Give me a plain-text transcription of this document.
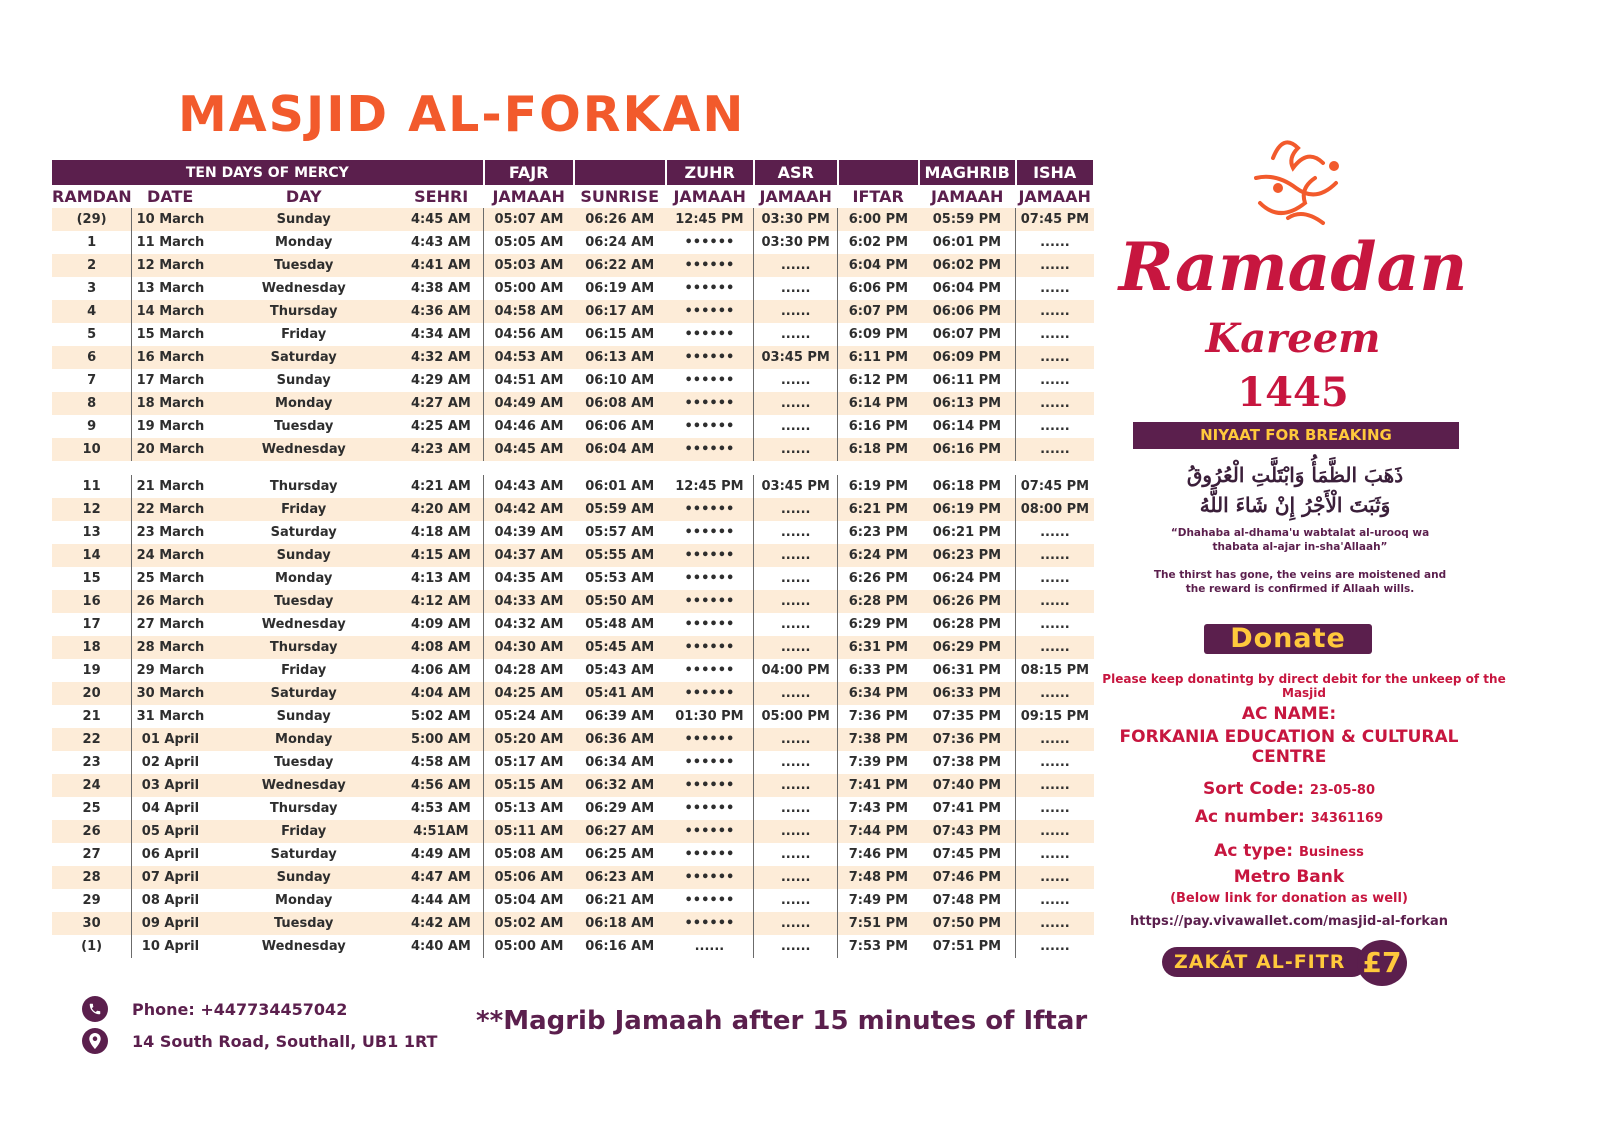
MASJID AL-FORKAN
TEN DAYS OF MERCY				FAJR		ZUHR	ASR		MAGHRIB	ISHA
RAMDAN	DATE	DAY	SEHRI	JAMAAH	SUNRISE	JAMAAH	JAMAAH	IFTAR	JAMAAH	JAMAAH
(29)	10 March	Sunday	4:45 AM	05:07 AM	06:26 AM	12:45 PM	03:30 PM	6:00 PM	05:59 PM	07:45 PM
1	11 March	Monday	4:43 AM	05:05 AM	06:24 AM	••••••	03:30 PM	6:02 PM	06:01 PM	......
2	12 March	Tuesday	4:41 AM	05:03 AM	06:22 AM	••••••	......	6:04 PM	06:02 PM	......
3	13 March	Wednesday	4:38 AM	05:00 AM	06:19 AM	••••••	......	6:06 PM	06:04 PM	......
4	14 March	Thursday	4:36 AM	04:58 AM	06:17 AM	••••••	......	6:07 PM	06:06 PM	......
5	15 March	Friday	4:34 AM	04:56 AM	06:15 AM	••••••	......	6:09 PM	06:07 PM	......
6	16 March	Saturday	4:32 AM	04:53 AM	06:13 AM	••••••	03:45 PM	6:11 PM	06:09 PM	......
7	17 March	Sunday	4:29 AM	04:51 AM	06:10 AM	••••••	......	6:12 PM	06:11 PM	......
8	18 March	Monday	4:27 AM	04:49 AM	06:08 AM	••••••	......	6:14 PM	06:13 PM	......
9	19 March	Tuesday	4:25 AM	04:46 AM	06:06 AM	••••••	......	6:16 PM	06:14 PM	......
10	20 March	Wednesday	4:23 AM	04:45 AM	06:04 AM	••••••	......	6:18 PM	06:16 PM	......

11	21 March	Thursday	4:21 AM	04:43 AM	06:01 AM	12:45 PM	03:45 PM	6:19 PM	06:18 PM	07:45 PM
12	22 March	Friday	4:20 AM	04:42 AM	05:59 AM	••••••	......	6:21 PM	06:19 PM	08:00 PM
13	23 March	Saturday	4:18 AM	04:39 AM	05:57 AM	••••••	......	6:23 PM	06:21 PM	......
14	24 March	Sunday	4:15 AM	04:37 AM	05:55 AM	••••••	......	6:24 PM	06:23 PM	......
15	25 March	Monday	4:13 AM	04:35 AM	05:53 AM	••••••	......	6:26 PM	06:24 PM	......
16	26 March	Tuesday	4:12 AM	04:33 AM	05:50 AM	••••••	......	6:28 PM	06:26 PM	......
17	27 March	Wednesday	4:09 AM	04:32 AM	05:48 AM	••••••	......	6:29 PM	06:28 PM	......
18	28 March	Thursday	4:08 AM	04:30 AM	05:45 AM	••••••	......	6:31 PM	06:29 PM	......
19	29 March	Friday	4:06 AM	04:28 AM	05:43 AM	••••••	04:00 PM	6:33 PM	06:31 PM	08:15 PM
20	30 March	Saturday	4:04 AM	04:25 AM	05:41 AM	••••••	......	6:34 PM	06:33 PM	......
21	31 March	Sunday	5:02 AM	05:24 AM	06:39 AM	01:30 PM	05:00 PM	7:36 PM	07:35 PM	09:15 PM
22	01 April	Monday	5:00 AM	05:20 AM	06:36 AM	••••••	......	7:38 PM	07:36 PM	......
23	02 April	Tuesday	4:58 AM	05:17 AM	06:34 AM	••••••	......	7:39 PM	07:38 PM	......
24	03 April	Wednesday	4:56 AM	05:15 AM	06:32 AM	••••••	......	7:41 PM	07:40 PM	......
25	04 April	Thursday	4:53 AM	05:13 AM	06:29 AM	••••••	......	7:43 PM	07:41 PM	......
26	05 April	Friday	4:51AM	05:11 AM	06:27 AM	••••••	......	7:44 PM	07:43 PM	......
27	06 April	Saturday	4:49 AM	05:08 AM	06:25 AM	••••••	......	7:46 PM	07:45 PM	......
28	07 April	Sunday	4:47 AM	05:06 AM	06:23 AM	••••••	......	7:48 PM	07:46 PM	......
29	08 April	Monday	4:44 AM	05:04 AM	06:21 AM	••••••	......	7:49 PM	07:48 PM	......
30	09 April	Tuesday	4:42 AM	05:02 AM	06:18 AM	••••••	......	7:51 PM	07:50 PM	......
(1)	10 April	Wednesday	4:40 AM	05:00 AM	06:16 AM	......	......	7:53 PM	07:51 PM	......
Ramadan
Kareem
1445
NIYAAT FOR BREAKING
ذَهَبَ الظَّمَأُ وَابْتَلَّتِ الْعُرُوقُ
وَثَبَتَ الْأَجْرُ إِنْ شَاءَ اللَّهُ
“Dhahaba al-dhama'u wabtalat al-urooq wa thabata al-ajar in-sha'Allaah”
The thirst has gone, the veins are moistened and the reward is confirmed if Allaah wills.
Donate
Please keep donatintg by direct debit for the unkeep of the Masjid
AC NAME:
FORKANIA EDUCATION & CULTURAL CENTRE
Sort Code: 23-05-80
Ac number: 34361169
Ac type: Business
Metro Bank
(Below link for donation as well)
https://pay.vivawallet.com/masjid-al-forkan
ZAKÁT AL-FITR £7
Phone: +447734457042
14 South Road, Southall, UB1 1RT
**Magrib Jamaah after 15 minutes of Iftar
